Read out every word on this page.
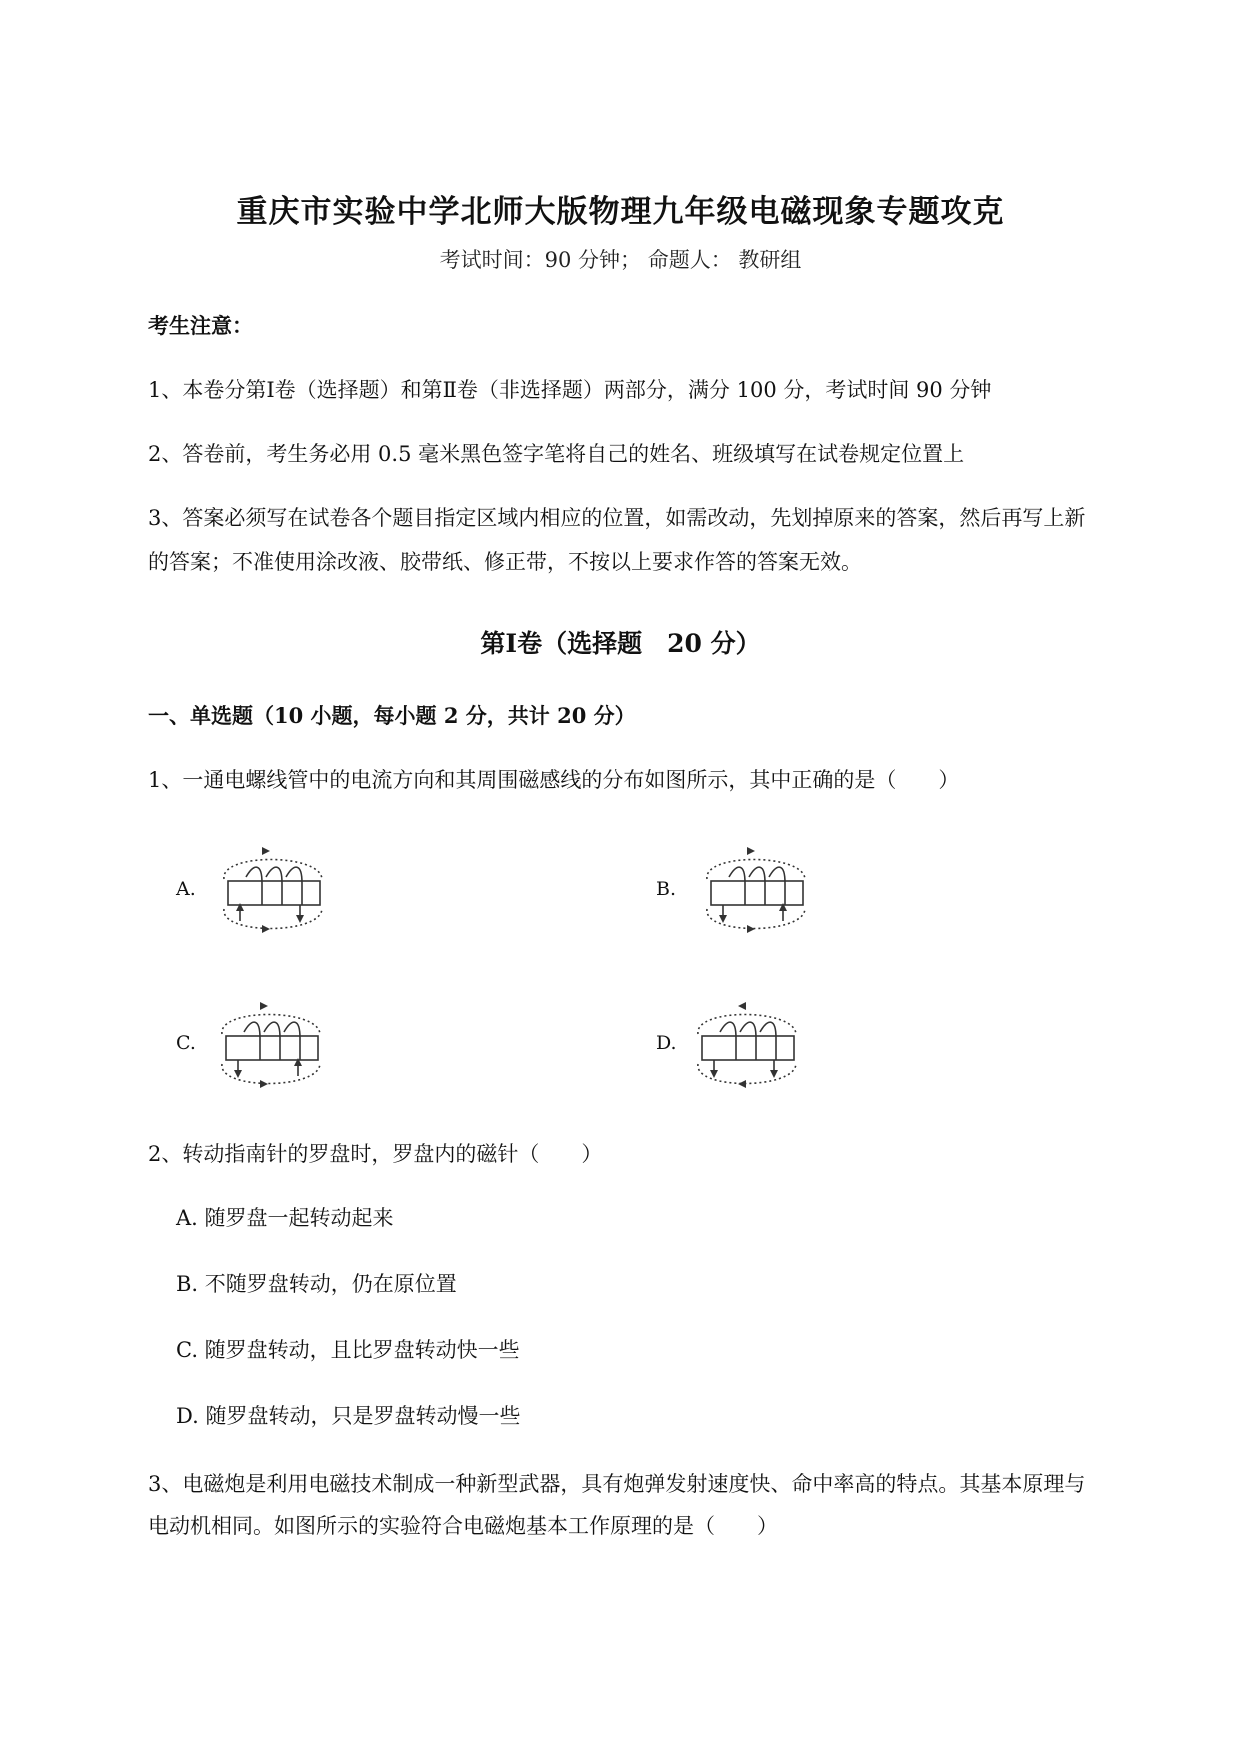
重庆市实验中学北师大版物理九年级电磁现象专题攻克
考试时间：90 分钟； 命题人： 教研组
考生注意：
1、本卷分第Ⅰ卷（选择题）和第Ⅱ卷（非选择题）两部分，满分 100 分，考试时间 90 分钟
2、答卷前，考生务必用 0.5 毫米黑色签字笔将自己的姓名、班级填写在试卷规定位置上
3、答案必须写在试卷各个题目指定区域内相应的位置，如需改动，先划掉原来的答案，然后再写上新
的答案；不准使用涂改液、胶带纸、修正带，不按以上要求作答的答案无效。
第Ⅰ卷（选择题　20 分）
一、单选题（10 小题，每小题 2 分，共计 20 分）
1、一通电螺线管中的电流方向和其周围磁感线的分布如图所示，其中正确的是（　　）
A.	B.
C.	D.
2、转动指南针的罗盘时，罗盘内的磁针（　　）
A. 随罗盘一起转动起来
B. 不随罗盘转动，仍在原位置
C. 随罗盘转动，且比罗盘转动快一些
D. 随罗盘转动，只是罗盘转动慢一些
3、电磁炮是利用电磁技术制成一种新型武器，具有炮弹发射速度快、命中率高的特点。其基本原理与
电动机相同。如图所示的实验符合电磁炮基本工作原理的是（　　）
